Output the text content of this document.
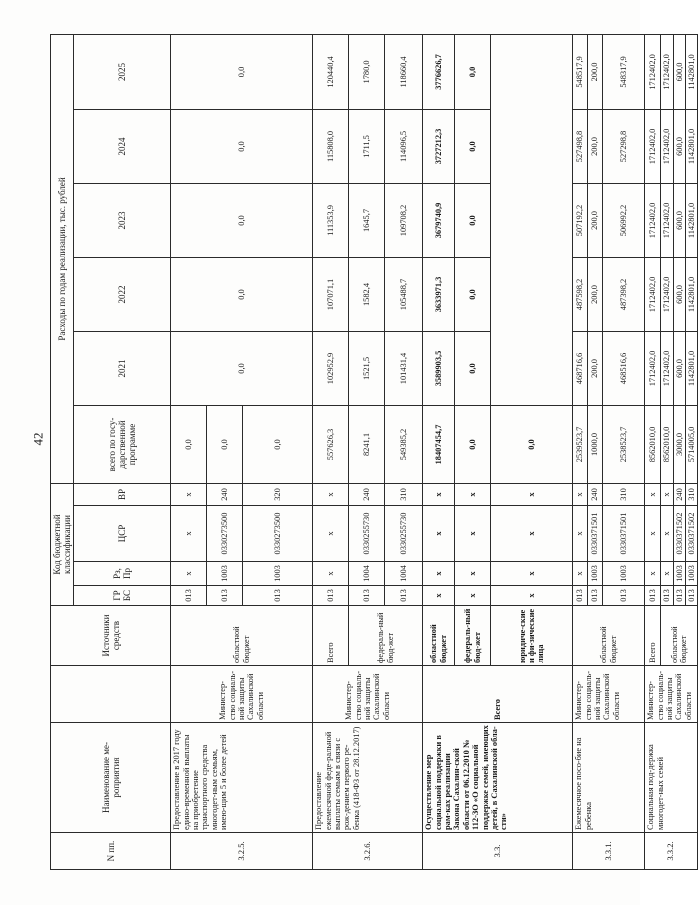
42
N пп.	Наименование ме-роприятия		Источники средств	Код бюджетной классификации				Расходы по годам реализации, тыс. рублей					
				ГРБС	Рз, Пр	ЦСР	ВР	всего по госу-дарственной программе	2021	2022	2023	2024	2025

3.2.5.	Предоставление в 2017 году едино-временной выплаты на приобретение транспортного средства многодет-ным семьям, имею-щим 5 и более детей	Министер-ство социаль-ной защиты Сахалинской области	областной бюджет	013	x	x	x	0,0	0,0	0,0	0,0	0,0	0,0
				013	1003	0330273500	240	0,0					
				013	1003	0330273500	320	0,0					
3.2.6.	Предоставление ежемесячной феде-ральной выплаты семьям в связи с рож-дением первого ре-бенка (418-ФЗ от 28.12.2017)	Министер-ство социаль-ной защиты Сахалинской области	Всего	013	x	x	x	557626,3	102952,9	107071,1	111353,9	115808,0	120440,4
			федераль-ный бюд-жет	013	1004	0330255730	240	8241,1	1521,5	1582,4	1645,7	1711,5	1780,0
				013	1004	0330255730	310	549385,2	101431,4	105488,7	109708,2	114096,5	118660,4
3.3.	Осуществление мер социальной поддержки в рам-ках реализации Закона Сахалин-ской области от 06.12.2010 № 112-ЗО «О социальной поддержке семей, имеющих детей, в Сахалинской обла-сти»	Всего	областной бюджет	x	x	x	x	18407454,7	3589903,5	3633971,3	3679740,9	3727212,3	3776626,7
			федераль-ный бюд-жет	x	x	x	x	0,0	0,0	0,0	0,0	0,0	0,0
			юридиче-ские и фи-зические лица	x	x	x	x	0,0					
3.3.1.	Ежемесячное посо-бие на ребенка	Министер-ство социаль-ной защиты Сахалинской области	областной бюджет	013	x	x	x	2539523,7	468716,6	487598,2	507192,2	527498,8	548517,9
				013	1003	0330371501	240	1000,0	200,0	200,0	200,0	200,0	200,0
				013	1003	0330371501	310	2538523,7	468516,6	487398,2	506992,2	527298,8	548317,9
3.3.2.	Социальная под-держка многодет-ных семей	Министер-ство социаль-ной защиты Сахалинской области	Всего	013	x	x	x	8562010,0	1712402,0	1712402,0	1712402,0	1712402,0	1712402,0
			областной бюджет	013	x	x	x	8562010,0	1712402,0	1712402,0	1712402,0	1712402,0	1712402,0
				013	1003	0330371502	240	3000,0	600,0	600,0	600,0	600,0	600,0
				013	1003	0330371502	310	5714005,0	1142801,0	1142801,0	1142801,0	1142801,0	1142801,0
